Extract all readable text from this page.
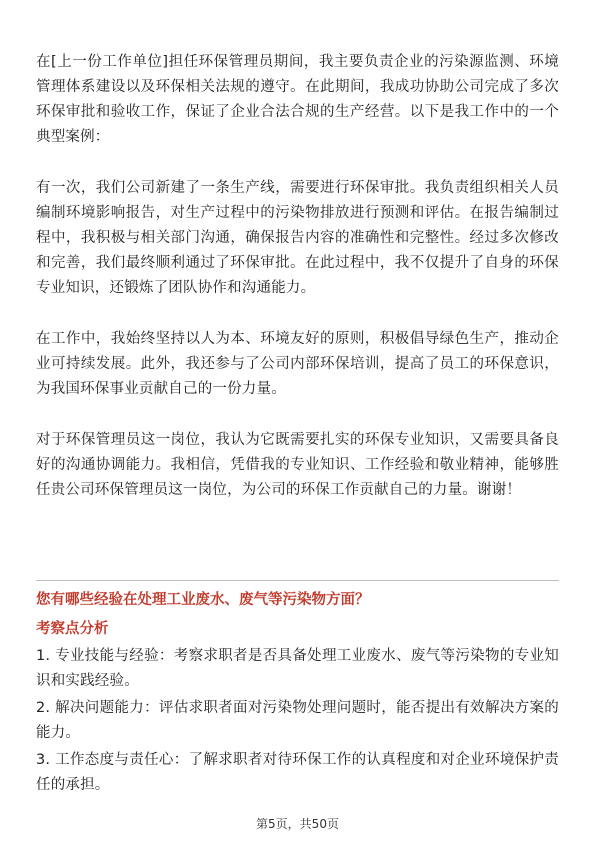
在[上一份工作单位]担任环保管理员期间，我主要负责企业的污染源监测、环境管理体系建设以及环保相关法规的遵守。在此期间，我成功协助公司完成了多次环保审批和验收工作，保证了企业合法合规的生产经营。以下是我工作中的一个典型案例：

有一次，我们公司新建了一条生产线，需要进行环保审批。我负责组织相关人员编制环境影响报告，对生产过程中的污染物排放进行预测和评估。在报告编制过程中，我积极与相关部门沟通，确保报告内容的准确性和完整性。经过多次修改和完善，我们最终顺利通过了环保审批。在此过程中，我不仅提升了自身的环保专业知识，还锻炼了团队协作和沟通能力。

在工作中，我始终坚持以人为本、环境友好的原则，积极倡导绿色生产，推动企业可持续发展。此外，我还参与了公司内部环保培训，提高了员工的环保意识，为我国环保事业贡献自己的一份力量。

对于环保管理员这一岗位，我认为它既需要扎实的环保专业知识，又需要具备良好的沟通协调能力。我相信，凭借我的专业知识、工作经验和敬业精神，能够胜任贵公司环保管理员这一岗位，为公司的环保工作贡献自己的力量。谢谢！

您有哪些经验在处理工业废水、废气等污染物方面？

考察点分析

1. 专业技能与经验：考察求职者是否具备处理工业废水、废气等污染物的专业知识和实践经验。

2. 解决问题能力：评估求职者面对污染物处理问题时，能否提出有效解决方案的能力。

3. 工作态度与责任心：了解求职者对待环保工作的认真程度和对企业环境保护责任的承担。

第5页，共50页
